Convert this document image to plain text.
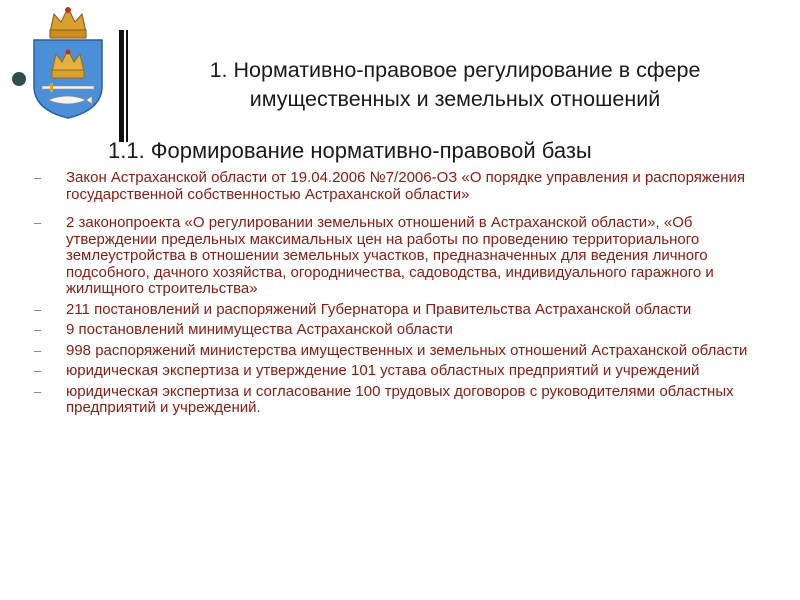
1. Нормативно-правовое регулирование в сфере
имущественных и земельных отношений
1.1. Формирование нормативно-правовой базы
– Закон Астраханской области от 19.04.2006 №7/2006-ОЗ «О порядке управления и распоряжения государственной собственностью Астраханской области»
– 2 законопроекта «О регулировании земельных отношений в Астраханской области», «Об утверждении предельных максимальных цен на работы по проведению территориального землеустройства в отношении земельных участков, предназначенных для ведения личного подсобного, дачного хозяйства, огородничества, садоводства, индивидуального гаражного и жилищного строительства»
– 211 постановлений и распоряжений Губернатора и Правительства Астраханской области
– 9 постановлений минимущества Астраханской области
– 998 распоряжений министерства имущественных и земельных отношений Астраханской области
– юридическая экспертиза и утверждение 101 устава областных предприятий и учреждений
– юридическая экспертиза и согласование 100 трудовых договоров с руководителями областных предприятий и учреждений.
